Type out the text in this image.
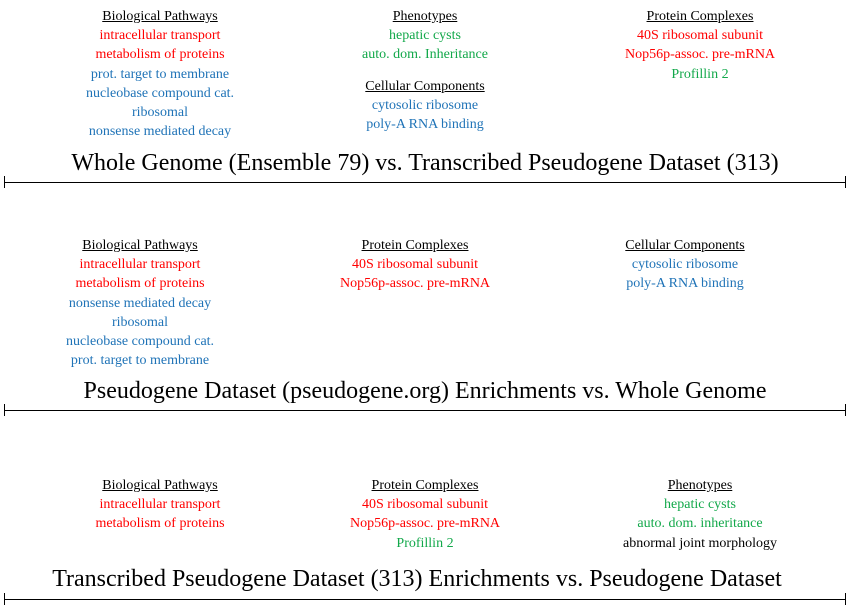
Biological Pathways
intracellular transport
metabolism of proteins
prot. target to membrane
nucleobase compound cat.
ribosomal
nonsense mediated decay
Phenotypes
hepatic cysts
auto. dom. Inheritance
Cellular Components
cytosolic ribosome
poly-A RNA binding
Protein Complexes
40S ribosomal subunit
Nop56p-assoc. pre-mRNA
Profillin 2
Whole Genome (Ensemble 79) vs. Transcribed Pseudogene Dataset (313)
Biological Pathways
intracellular transport
metabolism of proteins
nonsense mediated decay
ribosomal
nucleobase compound cat.
prot. target to membrane
Protein Complexes
40S ribosomal subunit
Nop56p-assoc. pre-mRNA
Cellular Components
cytosolic ribosome
poly-A RNA binding
Pseudogene Dataset (pseudogene.org) Enrichments vs. Whole Genome
Biological Pathways
intracellular transport
metabolism of proteins
Protein Complexes
40S ribosomal subunit
Nop56p-assoc. pre-mRNA
Profillin 2
Phenotypes
hepatic cysts
auto. dom. inheritance
abnormal joint morphology
Transcribed Pseudogene Dataset (313) Enrichments vs. Pseudogene Dataset
